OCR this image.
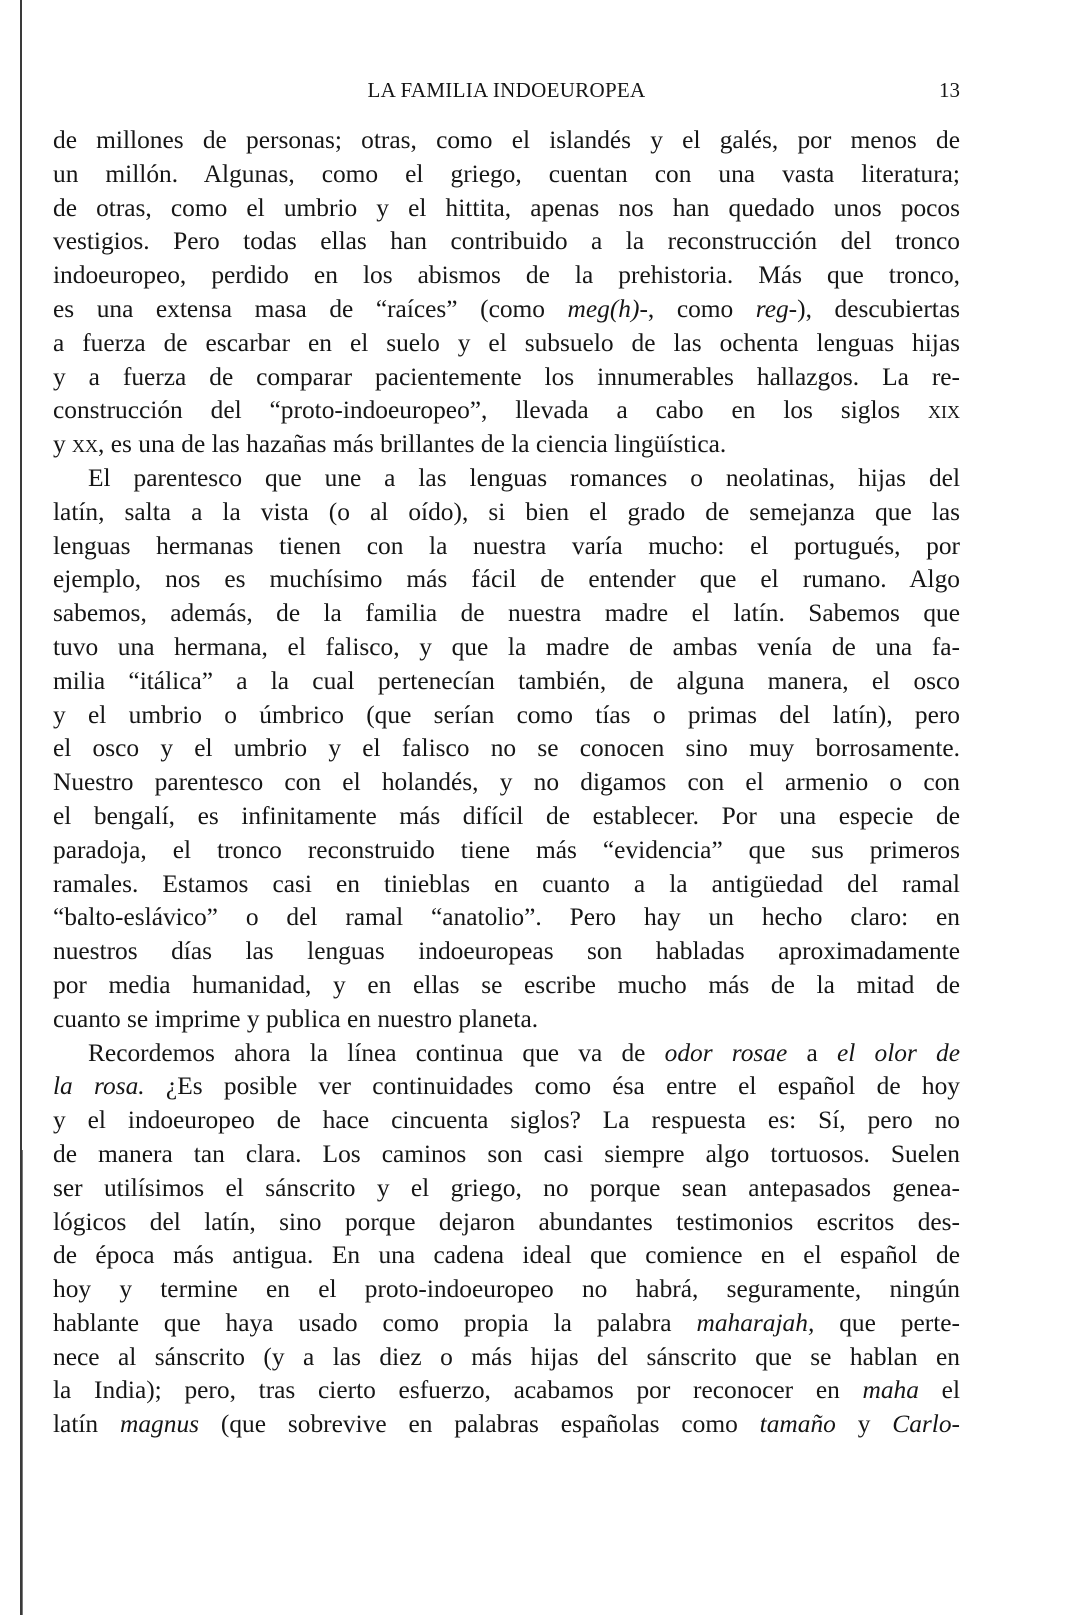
LA FAMILIA INDOEUROPEA	13
de millones de personas; otras, como el islandés y el galés, por menos de
un millón. Algunas, como el griego, cuentan con una vasta literatura;
de otras, como el umbrio y el hittita, apenas nos han quedado unos pocos
vestigios. Pero todas ellas han contribuido a la reconstrucción del tronco
indoeuropeo, perdido en los abismos de la prehistoria. Más que tronco,
es una extensa masa de “raíces” (como meg(h)-, como reg-), descubiertas
a fuerza de escarbar en el suelo y el subsuelo de las ochenta lenguas hijas
y a fuerza de comparar pacientemente los innumerables hallazgos. La re-
construcción del “proto-indoeuropeo”, llevada a cabo en los siglos xix
y xx, es una de las hazañas más brillantes de la ciencia lingüística.
El parentesco que une a las lenguas romances o neolatinas, hijas del
latín, salta a la vista (o al oído), si bien el grado de semejanza que las
lenguas hermanas tienen con la nuestra varía mucho: el portugués, por
ejemplo, nos es muchísimo más fácil de entender que el rumano. Algo
sabemos, además, de la familia de nuestra madre el latín. Sabemos que
tuvo una hermana, el falisco, y que la madre de ambas venía de una fa-
milia “itálica” a la cual pertenecían también, de alguna manera, el osco
y el umbrio o úmbrico (que serían como tías o primas del latín), pero
el osco y el umbrio y el falisco no se conocen sino muy borrosamente.
Nuestro parentesco con el holandés, y no digamos con el armenio o con
el bengalí, es infinitamente más difícil de establecer. Por una especie de
paradoja, el tronco reconstruido tiene más “evidencia” que sus primeros
ramales. Estamos casi en tinieblas en cuanto a la antigüedad del ramal
“balto-eslávico” o del ramal “anatolio”. Pero hay un hecho claro: en
nuestros días las lenguas indoeuropeas son habladas aproximadamente
por media humanidad, y en ellas se escribe mucho más de la mitad de
cuanto se imprime y publica en nuestro planeta.
Recordemos ahora la línea continua que va de odor rosae a el olor de
la rosa. ¿Es posible ver continuidades como ésa entre el español de hoy
y el indoeuropeo de hace cincuenta siglos? La respuesta es: Sí, pero no
de manera tan clara. Los caminos son casi siempre algo tortuosos. Suelen
ser utilísimos el sánscrito y el griego, no porque sean antepasados genea-
lógicos del latín, sino porque dejaron abundantes testimonios escritos des-
de época más antigua. En una cadena ideal que comience en el español de
hoy y termine en el proto-indoeuropeo no habrá, seguramente, ningún
hablante que haya usado como propia la palabra maharajah, que perte-
nece al sánscrito (y a las diez o más hijas del sánscrito que se hablan en
la India); pero, tras cierto esfuerzo, acabamos por reconocer en maha el
latín magnus (que sobrevive en palabras españolas como tamaño y Carlo-
